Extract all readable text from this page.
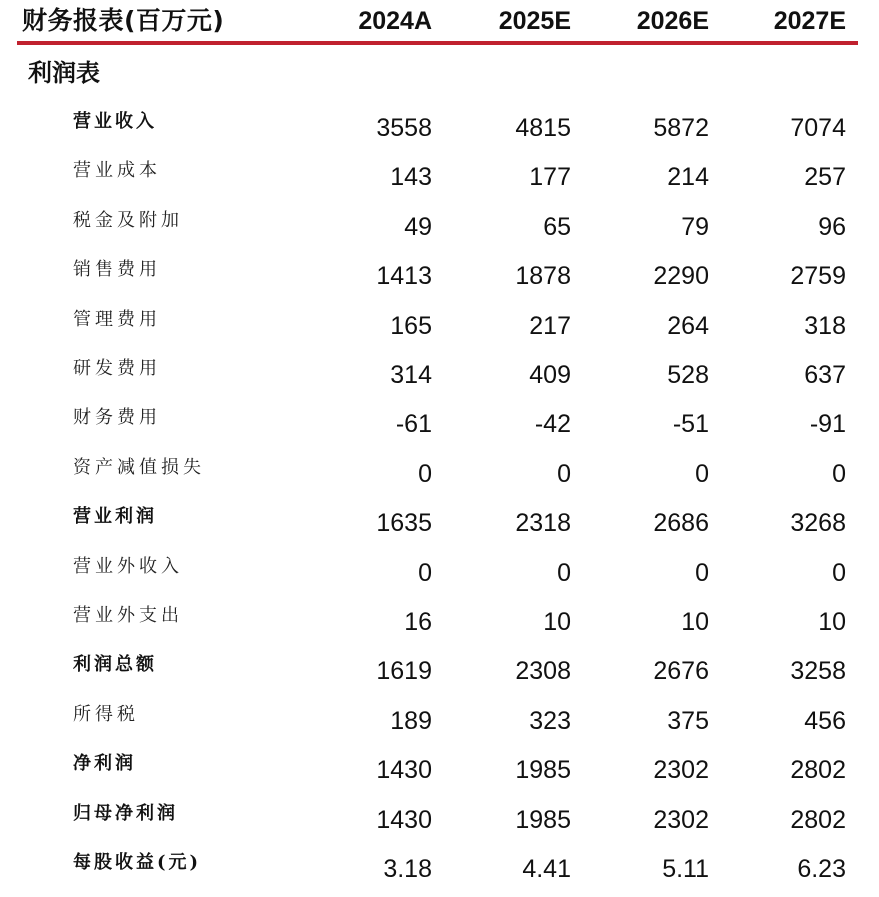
财务报表(百万元)	2024A	2025E	2026E	2027E
利润表
营业收入	3558	4815	5872	7074
营业成本	143	177	214	257
税金及附加	49	65	79	96
销售费用	1413	1878	2290	2759
管理费用	165	217	264	318
研发费用	314	409	528	637
财务费用	-61	-42	-51	-91
资产减值损失	0	0	0	0
营业利润	1635	2318	2686	3268
营业外收入	0	0	0	0
营业外支出	16	10	10	10
利润总额	1619	2308	2676	3258
所得税	189	323	375	456
净利润	1430	1985	2302	2802
归母净利润	1430	1985	2302	2802
每股收益(元)	3.18	4.41	5.11	6.23
